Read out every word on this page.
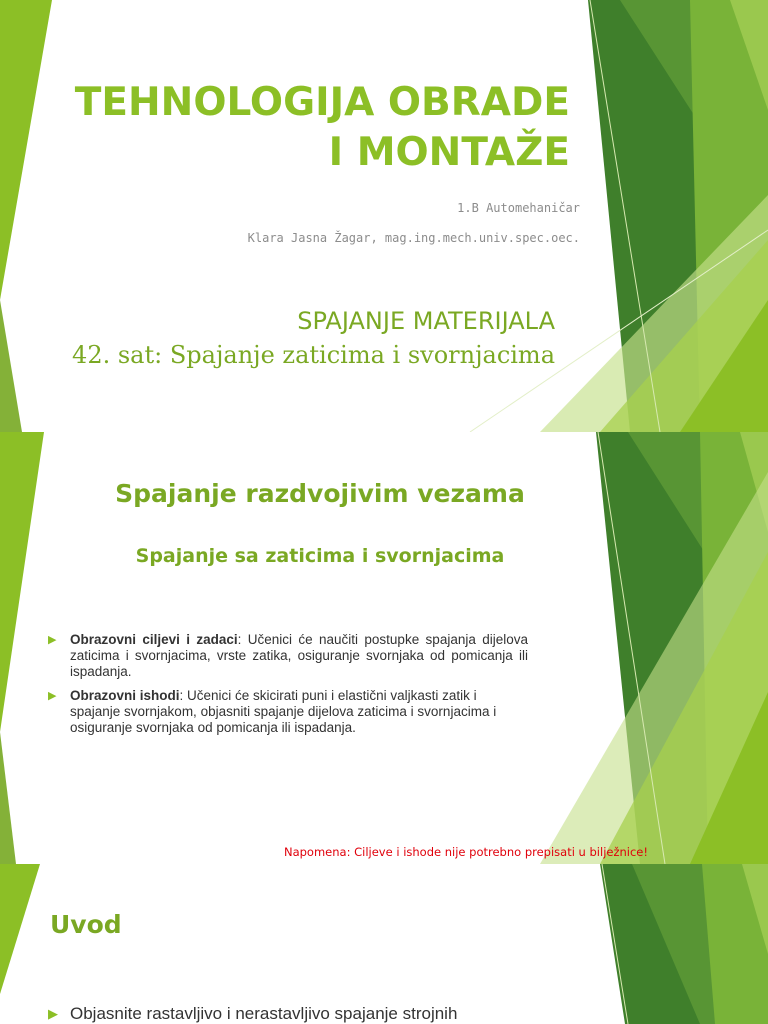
TEHNOLOGIJA OBRADE I MONTAŽE

1.B Automehaničar

Klara Jasna Žagar, mag.ing.mech.univ.spec.oec.

SPAJANJE MATERIJALA

42. sat: Spajanje zaticima i svornjacima

Spajanje razdvojivim vezama
Spajanje sa zaticima i svornjacima
▶ Obrazovni ciljevi i zadaci: Učenici će naučiti postupke spajanja dijelova zaticima i svornjacima, vrste zatika, osiguranje svornjaka od pomicanja ili ispadanja.
▶ Obrazovni ishodi: Učenici će skicirati puni i elastični valjkasti zatik i spajanje svornjakom, objasniti spajanje dijelova zaticima i svornjacima i osiguranje svornjaka od pomicanja ili ispadanja.

Napomena: Ciljeve i ishode nije potrebno prepisati u bilježnice!

Uvod
▶ Objasnite rastavljivo i nerastavljivo spajanje strojnih
